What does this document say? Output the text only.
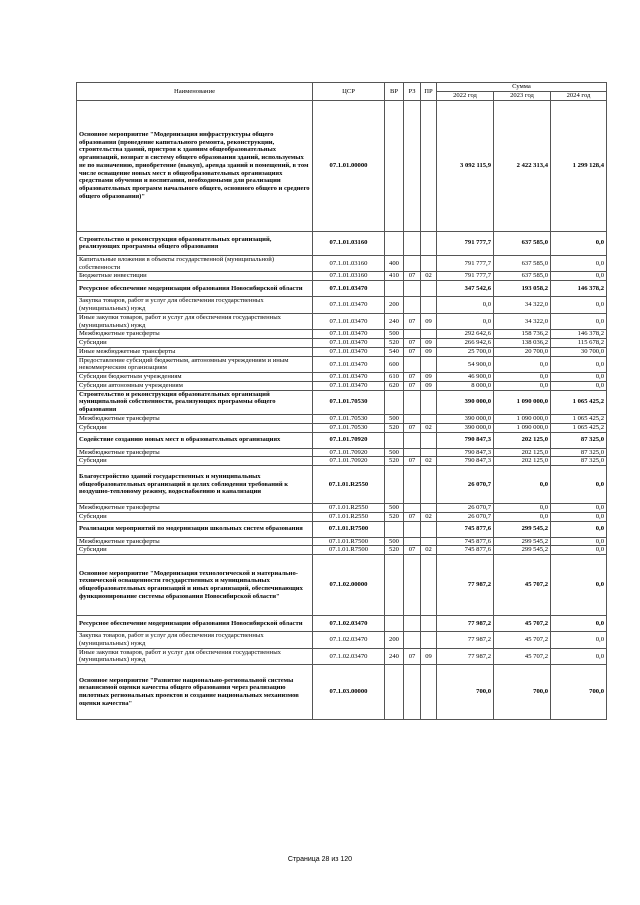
Наименование	ЦСР	ВР	РЗ	ПР	Сумма		
					2022 год	2023 год	2024 год
Основное мероприятие "Модернизация инфраструктуры общего образования (проведение капитального ремонта, реконструкции, строительства зданий, пристроя к зданиям общеобразовательных организаций, возврат в систему общего образования зданий, используемых не по назначению, приобретение (выкуп), аренда зданий и помещений, в том числе оснащение новых мест в общеобразовательных организациях средствами обучения и воспитания, необходимыми для реализации образовательных программ начального общего, основного общего и среднего общего образования)"	07.1.01.00000				3 092 115,9	2 422 313,4	1 299 128,4
Строительство и реконструкция образовательных организаций, реализующих программы общего образования	07.1.01.03160				791 777,7	637 585,0	0,0
Капитальные вложения в объекты государственной (муниципальной) собственности	07.1.01.03160	400			791 777,7	637 585,0	0,0
Бюджетные инвестиции	07.1.01.03160	410	07	02	791 777,7	637 585,0	0,0
Ресурсное обеспечение модернизации образования Новосибирской области	07.1.01.03470				347 542,6	193 058,2	146 378,2
Закупка товаров, работ и услуг для обеспечения государственных (муниципальных) нужд	07.1.01.03470	200			0,0	34 322,0	0,0
Иные закупки товаров, работ и услуг для обеспечения государственных (муниципальных) нужд	07.1.01.03470	240	07	09	0,0	34 322,0	0,0
Межбюджетные трансферты	07.1.01.03470	500			292 642,6	158 736,2	146 378,2
Субсидии	07.1.01.03470	520	07	09	266 942,6	138 036,2	115 678,2
Иные межбюджетные трансферты	07.1.01.03470	540	07	09	25 700,0	20 700,0	30 700,0
Предоставление субсидий бюджетным, автономным учреждениям и иным некоммерческим организациям	07.1.01.03470	600			54 900,0	0,0	0,0
Субсидии бюджетным учреждениям	07.1.01.03470	610	07	09	46 900,0	0,0	0,0
Субсидии автономным учреждениям	07.1.01.03470	620	07	09	8 000,0	0,0	0,0
Строительство и реконструкция образовательных организаций муниципальной собственности, реализующих программы общего образования	07.1.01.70530				390 000,0	1 090 000,0	1 065 425,2
Межбюджетные трансферты	07.1.01.70530	500			390 000,0	1 090 000,0	1 065 425,2
Субсидии	07.1.01.70530	520	07	02	390 000,0	1 090 000,0	1 065 425,2
Содействие созданию новых мест в образовательных организациях	07.1.01.70920				790 847,3	202 125,0	87 325,0
Межбюджетные трансферты	07.1.01.70920	500			790 847,3	202 125,0	87 325,0
Субсидии	07.1.01.70920	520	07	02	790 847,3	202 125,0	87 325,0
Благоустройство зданий государственных и муниципальных общеобразовательных организаций в целях соблюдения требований к воздушно-тепловому режиму, водоснабжению и канализации	07.1.01.R2550				26 070,7	0,0	0,0
Межбюджетные трансферты	07.1.01.R2550	500			26 070,7	0,0	0,0
Субсидии	07.1.01.R2550	520	07	02	26 070,7	0,0	0,0
Реализация мероприятий по модернизации школьных систем образования	07.1.01.R7500				745 877,6	299 545,2	0,0
Межбюджетные трансферты	07.1.01.R7500	500			745 877,6	299 545,2	0,0
Субсидии	07.1.01.R7500	520	07	02	745 877,6	299 545,2	0,0
Основное мероприятие "Модернизация технологической и материально-технической оснащенности государственных и муниципальных общеобразовательных организаций и иных организаций, обеспечивающих функционирование системы образования Новосибирской области"	07.1.02.00000				77 987,2	45 707,2	0,0
Ресурсное обеспечение модернизации образования Новосибирской области	07.1.02.03470				77 987,2	45 707,2	0,0
Закупка товаров, работ и услуг для обеспечения государственных (муниципальных) нужд	07.1.02.03470	200			77 987,2	45 707,2	0,0
Иные закупки товаров, работ и услуг для обеспечения государственных (муниципальных) нужд	07.1.02.03470	240	07	09	77 987,2	45 707,2	0,0
Основное мероприятие "Развитие национально-региональной системы независимой оценки качества общего образования через реализацию пилотных региональных проектов и создание национальных механизмов оценки качества"	07.1.03.00000				700,0	700,0	700,0
Страница 28 из 120
